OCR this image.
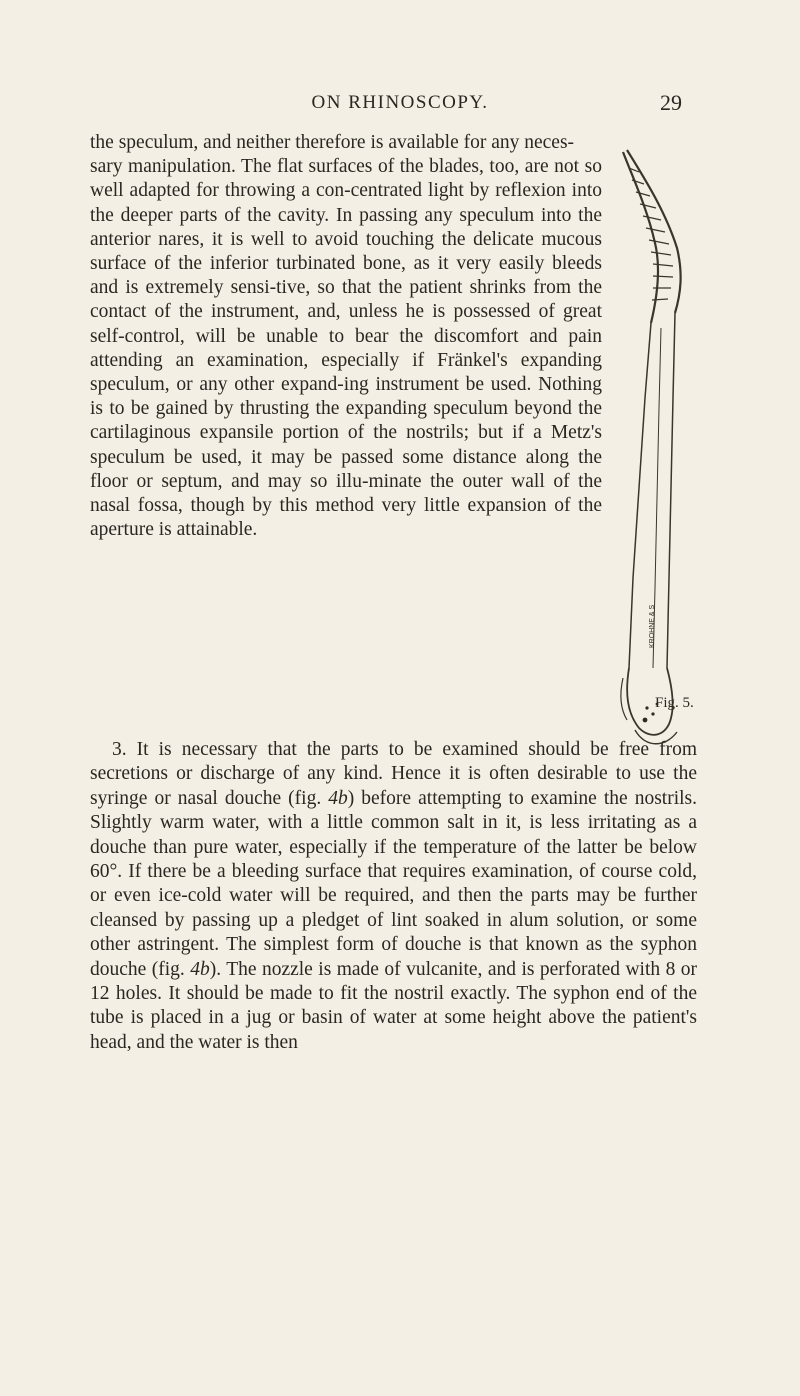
ON RHINOSCOPY.	29

the speculum, and neither therefore is available for any neces-
sary manipulation. The flat surfaces of the blades, too, are not so well adapted for throwing a con-centrated light by reflexion into the deeper parts of the cavity. In passing any speculum into the anterior nares, it is well to avoid touching the delicate mucous surface of the inferior turbinated bone, as it very easily bleeds and is extremely sensi-tive, so that the patient shrinks from the contact of the instrument, and, unless he is possessed of great self-control, will be unable to bear the discomfort and pain attending an examination, especially if Fränkel's expanding speculum, or any other expand-ing instrument be used. Nothing is to be gained by thrusting the expanding speculum beyond the cartilaginous expansile portion of the nostrils; but if a Metz's speculum be used, it may be passed some distance along the floor or septum, and may so illu-minate the outer wall of the nasal fossa, though by this method very little expansion of the aperture is attainable.

KROHNE & S
Fig. 5.

3. It is necessary that the parts to be examined should be free from secretions or discharge of any kind. Hence it is often desirable to use the syringe or nasal douche (fig. 4b) before attempting to examine the nostrils. Slightly warm water, with a little common salt in it, is less irritating as a douche than pure water, especially if the temperature of the latter be below 60°. If there be a bleeding surface that requires examination, of course cold, or even ice-cold water will be required, and then the parts may be further cleansed by passing up a pledget of lint soaked in alum solution, or some other astringent. The simplest form of douche is that known as the syphon douche (fig. 4b). The nozzle is made of vulcanite, and is perforated with 8 or 12 holes. It should be made to fit the nostril exactly. The syphon end of the tube is placed in a jug or basin of water at some height above the patient's head, and the water is then
